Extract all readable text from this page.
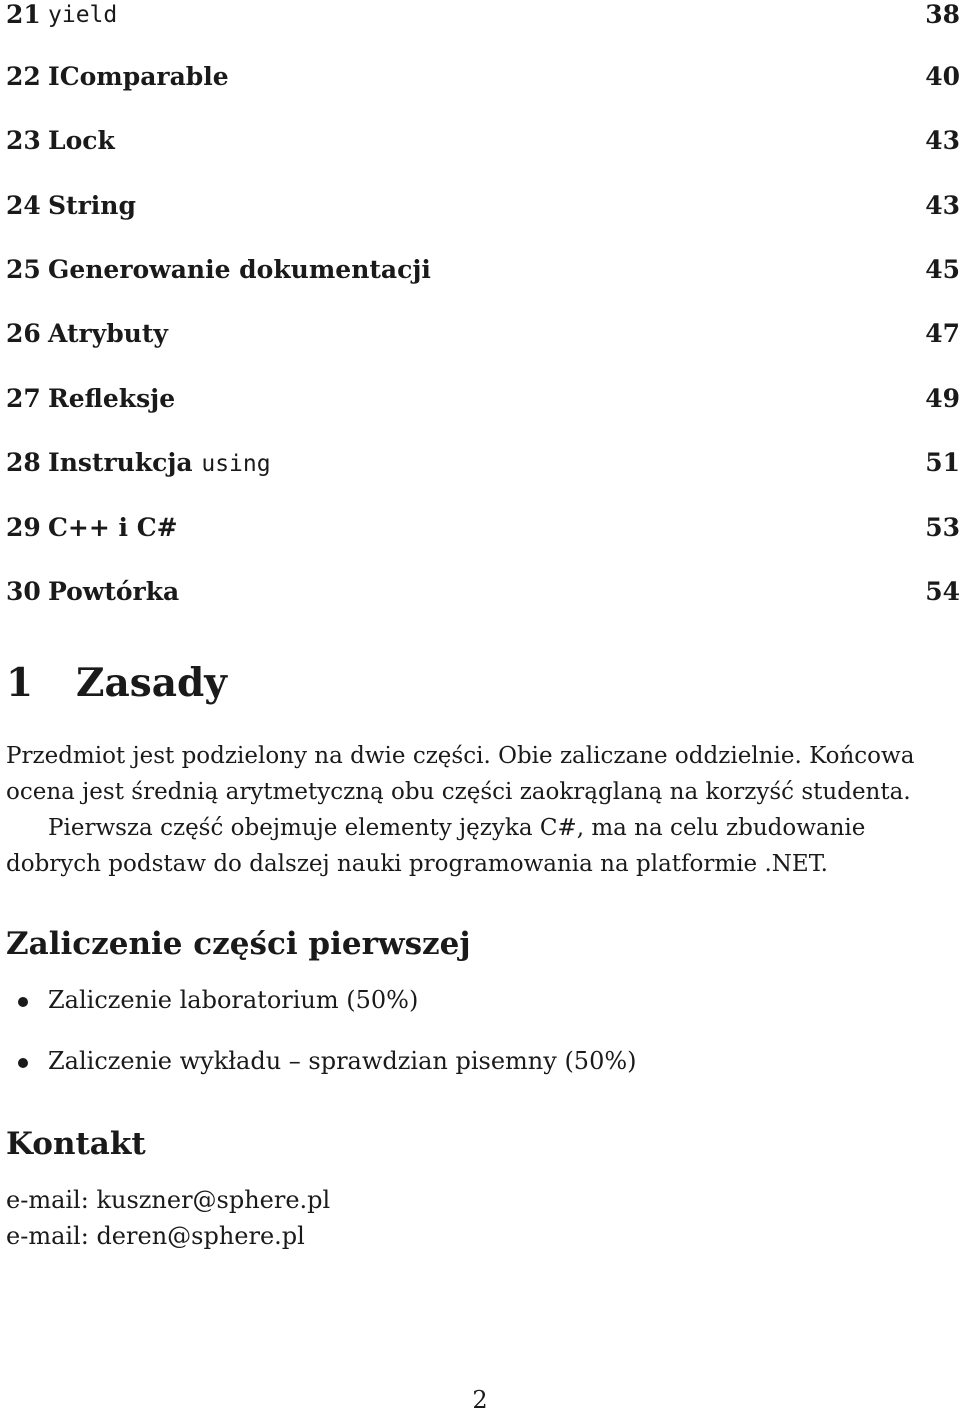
21 yield	38
22 IComparable	40
23 Lock	43
24 String	43
25 Generowanie dokumentacji	45
26 Atrybuty	47
27 Refleksje	49
28 Instrukcja using	51
29 C++ i C#	53
30 Powtórka	54
1 Zasady
Przedmiot jest podzielony na dwie części. Obie zaliczane oddzielnie. Końcowa
ocena jest średnią arytmetyczną obu części zaokrąglaną na korzyść studenta.
Pierwsza część obejmuje elementy języka C#, ma na celu zbudowanie
dobrych podstaw do dalszej nauki programowania na platformie .NET.
Zaliczenie części pierwszej
Zaliczenie laboratorium (50%)
Zaliczenie wykładu – sprawdzian pisemny (50%)
Kontakt
e-mail: kuszner@sphere.pl
e-mail: deren@sphere.pl
2
